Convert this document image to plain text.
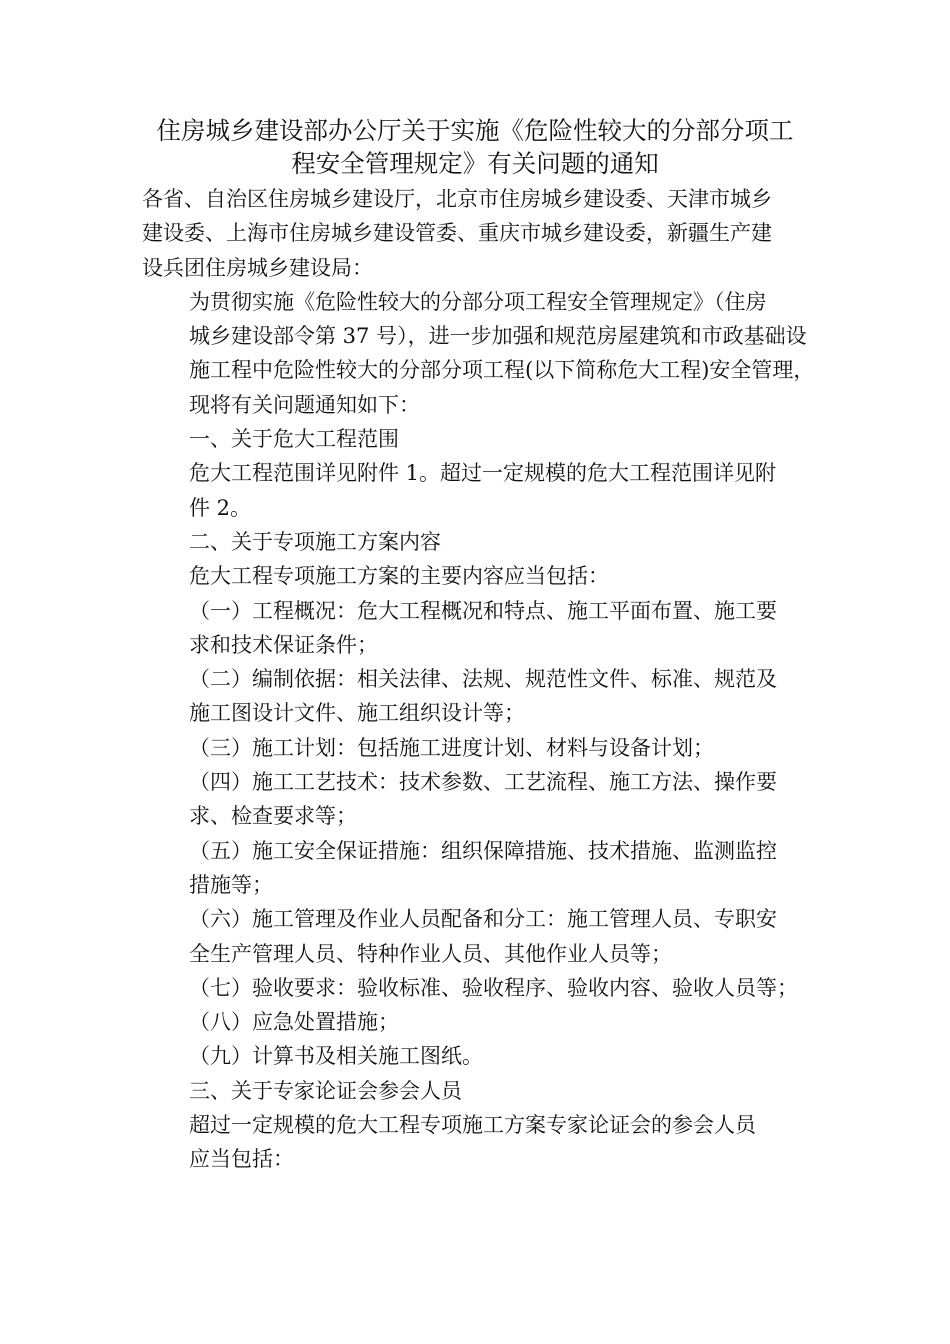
住房城乡建设部办公厅关于实施《危险性较大的分部分项工
程安全管理规定》有关问题的通知

各省、自治区住房城乡建设厅，北京市住房城乡建设委、天津市城乡
建设委、上海市住房城乡建设管委、重庆市城乡建设委，新疆生产建
设兵团住房城乡建设局：

为贯彻实施《危险性较大的分部分项工程安全管理规定》（住房
城乡建设部令第 37 号），进一步加强和规范房屋建筑和市政基础设
施工程中危险性较大的分部分项工程(以下简称危大工程)安全管理，
现将有关问题通知如下：

一、关于危大工程范围

危大工程范围详见附件 1。超过一定规模的危大工程范围详见附
件 2。

二、关于专项施工方案内容

危大工程专项施工方案的主要内容应当包括：

（一）工程概况：危大工程概况和特点、施工平面布置、施工要
求和技术保证条件；

（二）编制依据：相关法律、法规、规范性文件、标准、规范及
施工图设计文件、施工组织设计等；

（三）施工计划：包括施工进度计划、材料与设备计划；

（四）施工工艺技术：技术参数、工艺流程、施工方法、操作要
求、检查要求等；

（五）施工安全保证措施：组织保障措施、技术措施、监测监控
措施等；

（六）施工管理及作业人员配备和分工：施工管理人员、专职安
全生产管理人员、特种作业人员、其他作业人员等；

（七）验收要求：验收标准、验收程序、验收内容、验收人员等；

（八）应急处置措施；

（九）计算书及相关施工图纸。

三、关于专家论证会参会人员

超过一定规模的危大工程专项施工方案专家论证会的参会人员
应当包括：
